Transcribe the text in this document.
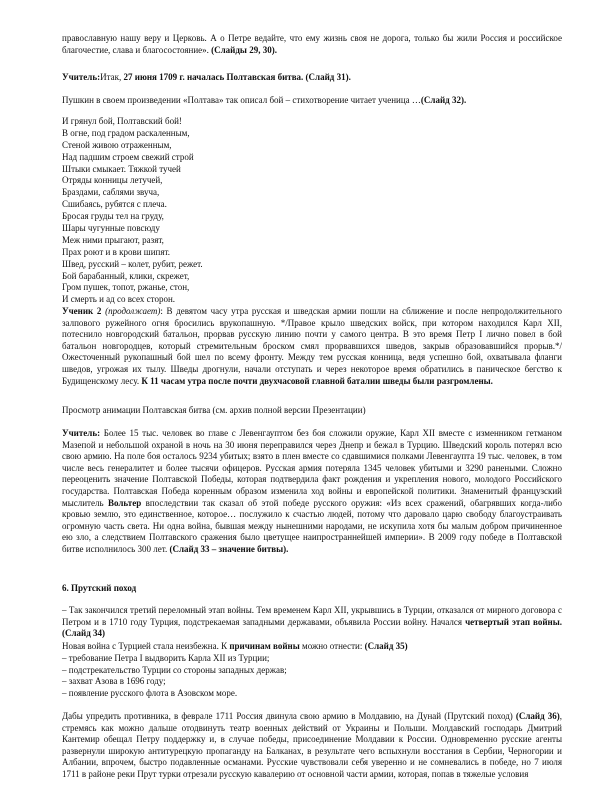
православную нашу веру и Церковь. А о Петре ведайте, что ему жизнь своя не дорога, только бы жили Россия и российское благочестие, слава и благосостояние». (Слайды 29, 30).

Учитель:Итак, 27 июня 1709 г. началась Полтавская битва. (Слайд 31).

Пушкин в своем произведении «Полтава» так описал бой – стихотворение читает ученица …(Слайд 32).

И грянул бой, Полтавский бой!
В огне, под градом раскаленным,
Стеной живою отраженным,
Над падшим строем свежий строй
Штыки смыкает. Тяжкой тучей
Отряды конницы летучей,
Браздами, саблями звуча,
Сшибаясь, рубятся с плеча.
Бросая груды тел на груду,
Шары чугунные повсюду
Меж ними прыгают, разят,
Прах роют и в крови шипят.
Швед, русский – колет, рубит, режет.
Бой барабанный, клики, скрежет,
Гром пушек, топот, ржанье, стон,
И смерть и ад со всех сторон.

Ученик 2 (продолжает): В девятом часу утра русская и шведская армии пошли на сближение и после непродолжительного залпового ружейного огня бросились врукопашную. */Правое крыло шведских войск, при котором находился Карл XII, потеснило новгородский батальон, прорвав русскую линию почти у самого центра. В это время Петр I лично повел в бой батальон новгородцев, который стремительным броском смял прорвавшихся шведов, закрыв образовавшийся прорыв.*/ Ожесточенный рукопашный бой шел по всему фронту. Между тем русская конница, ведя успешно бой, охватывала фланги шведов, угрожая их тылу. Шведы дрогнули, начали отступать и через некоторое время обратились в паническое бегство к Будищенскому лесу. К 11 часам утра после почти двухчасовой главной баталии шведы были разгромлены.

Просмотр анимации Полтавская битва (см. архив полной версии Презентации)

Учитель: Более 15 тыс. человек во главе с Левенгауптом без боя сложили оружие, Карл XII вместе с изменником гетманом Мазепой и небольшой охраной в ночь на 30 июня переправился через Днепр и бежал в Турцию. Шведский король потерял всю свою армию. На поле боя осталось 9234 убитых; взято в плен вместе со сдавшимися полками Левенгаупта 19 тыс. человек, в том числе весь генералитет и более тысячи офицеров. Русская армия потеряла 1345 человек убитыми и 3290 ранеными. Сложно переоценить значение Полтавской Победы, которая подтвердила факт рождения и укрепления нового, молодого Российского государства. Полтавская Победа коренным образом изменила ход войны и европейской политики. Знаменитый французский мыслитель Вольтер впоследствии так сказал об этой победе русского оружия: «Из всех сражений, обагрявших когда-либо кровью землю, это единственное, которое… послужило к счастью людей, потому что даровало царю свободу благоустраивать огромную часть света. Ни одна война, бывшая между нынешними народами, не искупила хотя бы малым добром причиненное ею зло, а следствием Полтавского сражения было цветущее наипространнейшей империи». В 2009 году победе в Полтавской битве исполнилось 300 лет. (Слайд 33 – значение битвы).

6. Прутский поход

– Так закончился третий переломный этап войны. Тем временем Карл XII, укрывшись в Турции, отказался от мирного договора с Петром и в 1710 году Турция, подстрекаемая западными державами, объявила России войну. Начался четвертый этап войны. (Слайд 34)

Новая война с Турцией стала неизбежна. К причинам войны можно отнести: (Слайд 35)

– требование Петра I выдворить Карла XII из Турции;
– подстрекательство Турции со стороны западных держав;
– захват Азова в 1696 году;
– появление русского флота в Азовском море.

Дабы упредить противника, в феврале 1711 Россия двинула свою армию в Молдавию, на Дунай (Прутский поход) (Слайд 36), стремясь как можно дальше отодвинуть театр военных действий от Украины и Польши. Молдавский господарь Дмитрий Кантемир обещал Петру поддержку и, в случае победы, присоединение Молдавии к России. Одновременно русские агенты развернули широкую антитурецкую пропаганду на Балканах, в результате чего вспыхнули восстания в Сербии, Черногории и Албании, впрочем, быстро подавленные османами. Русские чувствовали себя уверенно и не сомневались в победе, но 7 июля 1711 в районе реки Прут турки отрезали русскую кавалерию от основной части армии, которая, попав в тяжелые условия
